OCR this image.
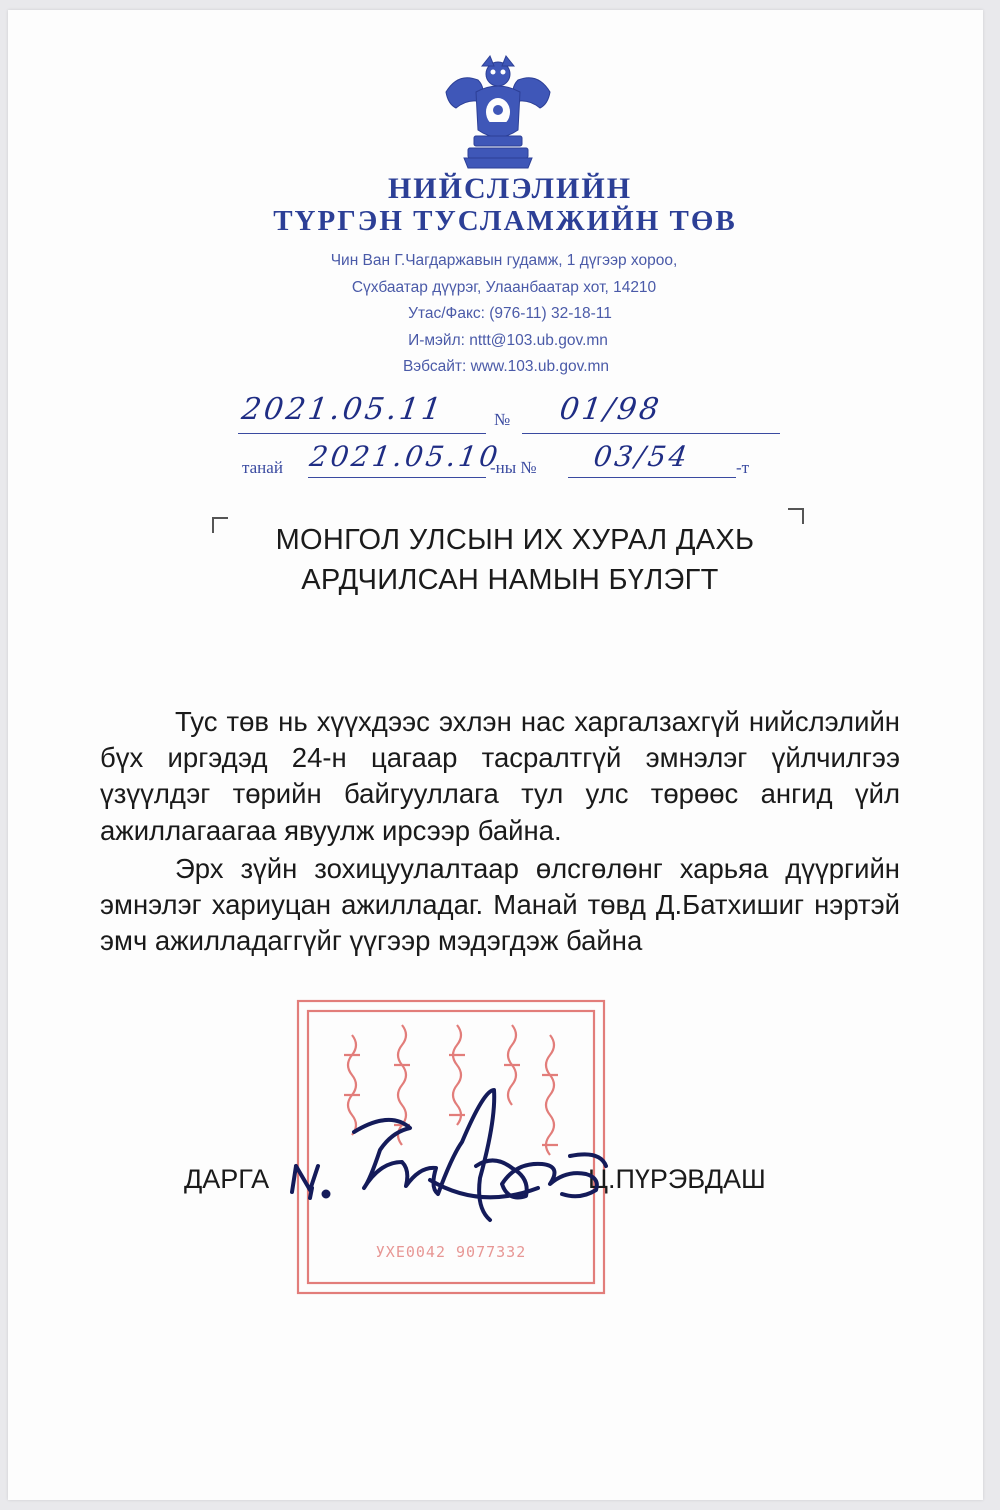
НИЙСЛЭЛИЙН
ТҮРГЭН ТУСЛАМЖИЙН ТӨВ
Чин Ван Г.Чагдаржавын гудамж, 1 дүгээр хороо,
Сүхбаатар дүүрэг, Улаанбаатар хот, 14210
Утас/Факс: (976-11) 32-18-11
И-мэйл: nttt@103.ub.gov.mn
Вэбсайт: www.103.ub.gov.mn
2021.05.11	№ 01/98
танай 2021.05.10
-ны № 03/54	-т
МОНГОЛ УЛСЫН ИХ ХУРАЛ ДАХЬ
АРДЧИЛСАН НАМЫН БҮЛЭГТ

Тус төв нь хүүхдээс эхлэн нас харгалзахгүй нийслэлийн бүх иргэдэд 24-н цагаар тасралтгүй эмнэлэг үйлчилгээ үзүүлдэг төрийн байгууллага тул улс төрөөс ангид үйл ажиллагаагаа явуулж ирсээр байна.

Эрх зүйн зохицуулалтаар өлсгөлөнг харьяа дүүргийн эмнэлэг хариуцан ажилладаг. Манай төвд Д.Батхишиг нэртэй эмч ажилладаггүйг үүгээр мэдэгдэж байна

УХЕ0042 9077332
ДАРГА	Ц.ПҮРЭВДАШ
